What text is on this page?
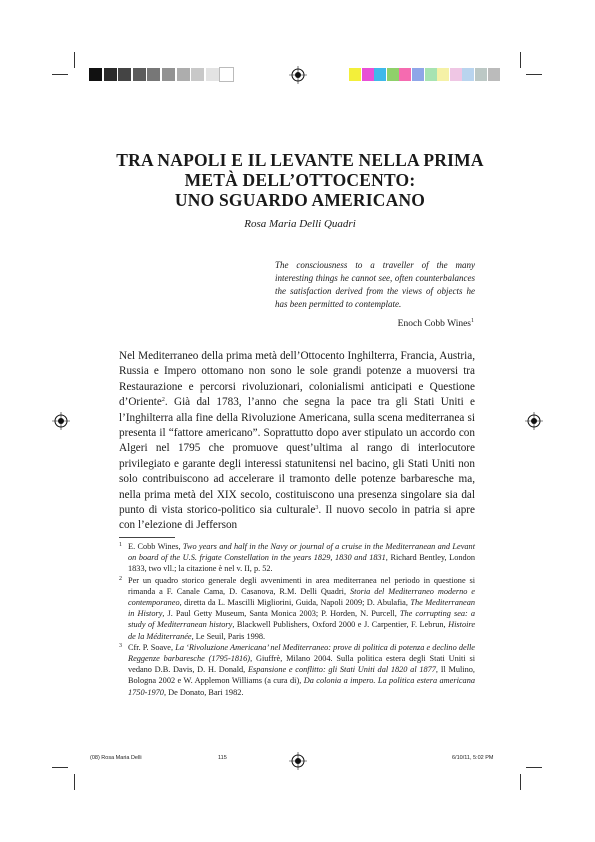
TRA NAPOLI E IL LEVANTE NELLA PRIMA
METÀ DELL’OTTOCENTO:
UNO SGUARDO AMERICANO
Rosa Maria Delli Quadri
The consciousness to a traveller of the many interesting things he cannot see, often counterbalances the satisfaction derived from the views of objects he has been permitted to contemplate.
Enoch Cobb Wines$^1$

Nel Mediterraneo della prima metà dell’Ottocento Inghilterra, Francia, Austria, Russia e Impero ottomano non sono le sole grandi potenze a muoversi tra Restaurazione e percorsi rivoluzionari, colonialismi anticipati e Questione d’Oriente$^2$. Già dal 1783, l’anno che segna la pace tra gli Stati Uniti e l’Inghilterra alla fine della Rivoluzione Americana, sulla scena mediterranea si presenta il “fattore americano”. Soprattutto dopo aver stipulato un accordo con Algeri nel 1795 che promuove quest’ultima al rango di interlocutore privilegiato e garante degli interessi statunitensi nel bacino, gli Stati Uniti non solo contribuiscono ad accelerare il tramonto delle potenze barbaresche ma, nella prima metà del XIX secolo, costituiscono una presenza singolare sia dal punto di vista storico-politico sia culturale$^3$. Il nuovo secolo in patria si apre con l’elezione di Jefferson

1 E. Cobb Wines, Two years and half in the Navy or journal of a cruise in the Mediterranean and Levant on board of the U.S. frigate Constellation in the years 1829, 1830 and 1831, Richard Bentley, London 1833, two vll.; la citazione è nel v. II, p. 52.

2 Per un quadro storico generale degli avvenimenti in area mediterranea nel periodo in questione si rimanda a F. Canale Cama, D. Casanova, R.M. Delli Quadri, Storia del Mediterraneo moderno e contemporaneo, diretta da L. Mascilli Migliorini, Guida, Napoli 2009; D. Abulafia, The Mediterranean in History, J. Paul Getty Museum, Santa Monica 2003; P. Horden, N. Purcell, The corrupting sea: a study of Mediterranean history, Blackwell Publishers, Oxford 2000 e J. Carpentier, F. Lebrun, Histoire de la Méditerranée, Le Seuil, Paris 1998.

3 Cfr. P. Soave, La ‘Rivoluzione Americana’ nel Mediterraneo: prove di politica di potenza e declino delle Reggenze barbaresche (1795-1816), Giuffrè, Milano 2004. Sulla politica estera degli Stati Uniti si vedano D.B. Davis, D. H. Donald, Espansione e conflitto: gli Stati Uniti dal 1820 al 1877, Il Mulino, Bologna 2002 e W. Applemon Williams (a cura di), Da colonia a impero. La politica estera americana 1750-1970, De Donato, Bari 1982.

(08) Rosa Maria Delli	115	6/10/11, 5:02 PM
